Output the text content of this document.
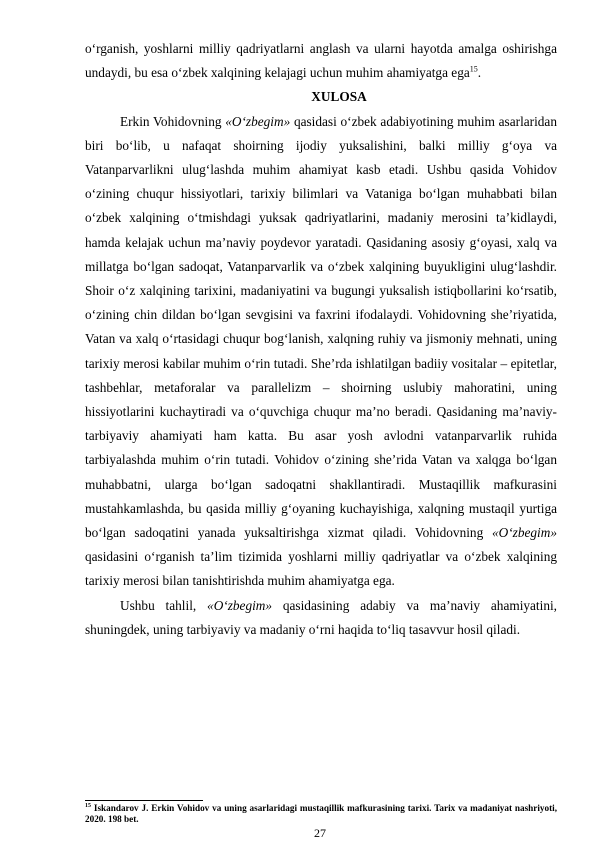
o‘rganish, yoshlarni milliy qadriyatlarni anglash va ularni hayotda amalga oshirishga undaydi, bu esa o‘zbek xalqining kelajagi uchun muhim ahamiyatga ega$^{15}$.

XULOSA

Erkin Vohidovning «O‘zbegim» qasidasi o‘zbek adabiyotining muhim asarlaridan biri bo‘lib, u nafaqat shoirning ijodiy yuksalishini, balki milliy g‘oya va Vatanparvarlikni ulug‘lashda muhim ahamiyat kasb etadi. Ushbu qasida Vohidov o‘zining chuqur hissiyotlari, tarixiy bilimlari va Vataniga bo‘lgan muhabbati bilan o‘zbek xalqining o‘tmishdagi yuksak qadriyatlarini, madaniy merosini ta’kidlaydi, hamda kelajak uchun ma’naviy poydevor yaratadi. Qasidaning asosiy g‘oyasi, xalq va millatga bo‘lgan sadoqat, Vatanparvarlik va o‘zbek xalqining buyukligini ulug‘lashdir. Shoir o‘z xalqining tarixini, madaniyatini va bugungi yuksalish istiqbollarini ko‘rsatib, o‘zining chin dildan bo‘lgan sevgisini va faxrini ifodalaydi. Vohidovning she’riyatida, Vatan va xalq o‘rtasidagi chuqur bog‘lanish, xalqning ruhiy va jismoniy mehnati, uning tarixiy merosi kabilar muhim o‘rin tutadi. She’rda ishlatilgan badiiy vositalar – epitetlar, tashbehlar, metaforalar va parallelizm – shoirning uslubiy mahoratini, uning hissiyotlarini kuchaytiradi va o‘quvchiga chuqur ma’no beradi. Qasidaning ma’naviy-tarbiyaviy ahamiyati ham katta. Bu asar yosh avlodni vatanparvarlik ruhida tarbiyalashda muhim o‘rin tutadi. Vohidov o‘zining she’rida Vatan va xalqga bo‘lgan muhabbatni, ularga bo‘lgan sadoqatni shakllantiradi. Mustaqillik mafkurasini mustahkamlashda, bu qasida milliy g‘oyaning kuchayishiga, xalqning mustaqil yurtiga bo‘lgan sadoqatini yanada yuksaltirishga xizmat qiladi. Vohidovning «O‘zbegim» qasidasini o‘rganish ta’lim tizimida yoshlarni milliy qadriyatlar va o‘zbek xalqining tarixiy merosi bilan tanishtirishda muhim ahamiyatga ega.

Ushbu tahlil, «O‘zbegim» qasidasining adabiy va ma’naviy ahamiyatini, shuningdek, uning tarbiyaviy va madaniy o‘rni haqida to‘liq tasavvur hosil qiladi.

$^{15}$ Iskandarov J. Erkin Vohidov va uning asarlaridagi mustaqillik mafkurasining tarixi. Tarix va madaniyat nashriyoti, 2020. 198 bet.
27
